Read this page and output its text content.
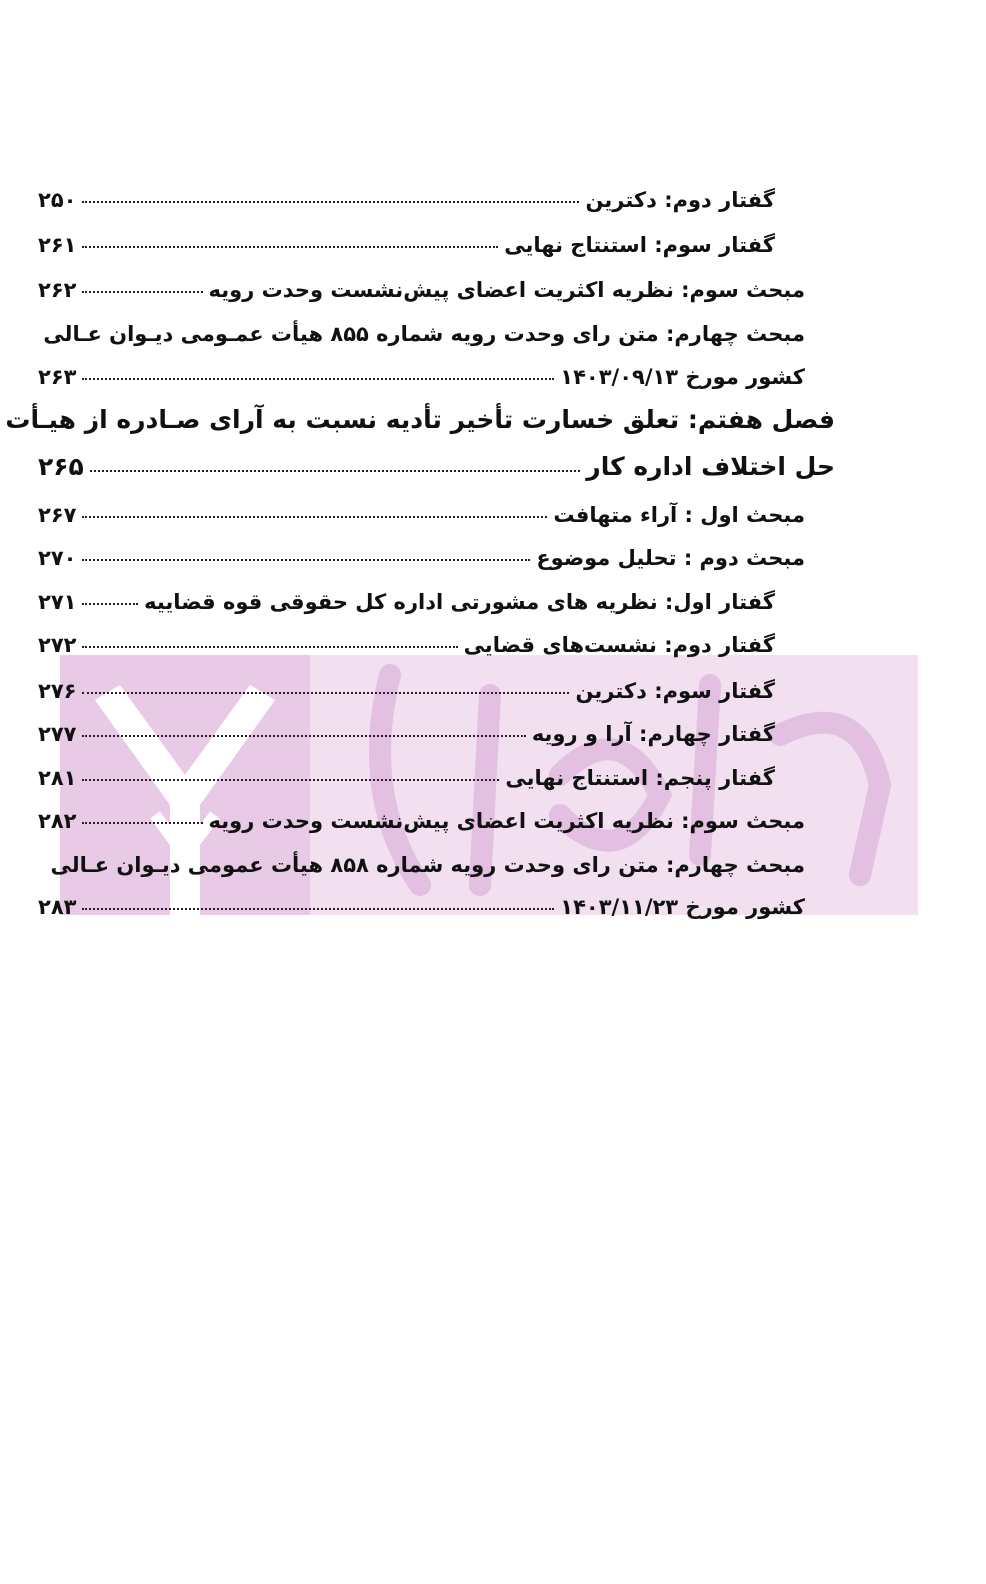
گفتار دوم: دکترین
۲۵۰
گفتار سوم: استنتاج نهایی
۲۶۱
مبحث سوم: نظریه اکثریت اعضای پیش‌نشست وحدت رویه
۲۶۲
مبحث چهارم: متن رای وحدت رویه شماره ۸۵۵ هیأت عمـومی دیـوان عـالی
کشور مورخ ۱۴۰۳/۰۹/۱۳
۲۶۳
فصل هفتم: تعلق خسارت تأخیر تأدیه نسبت به آرای صـادره از هیـأت
حل اختلاف اداره کار
۲۶۵
مبحث اول : آراء متهافت
۲۶۷
مبحث دوم : تحلیل موضوع
۲۷۰
گفتار اول: نظریه های مشورتی اداره کل حقوقی قوه قضاییه
۲۷۱
گفتار دوم: نشست‌های قضایی
۲۷۲
گفتار سوم: دکترین
۲۷۶
گفتار چهارم: آرا و رویه
۲۷۷
گفتار پنجم: استنتاج نهایی
۲۸۱
مبحث سوم: نظریه اکثریت اعضای پیش‌نشست وحدت رویه
۲۸۲
مبحث چهارم: متن رای وحدت رویه شماره ۸۵۸ هیأت عمومی دیـوان عـالی
کشور مورخ ۱۴۰۳/۱۱/۲۳
۲۸۳
